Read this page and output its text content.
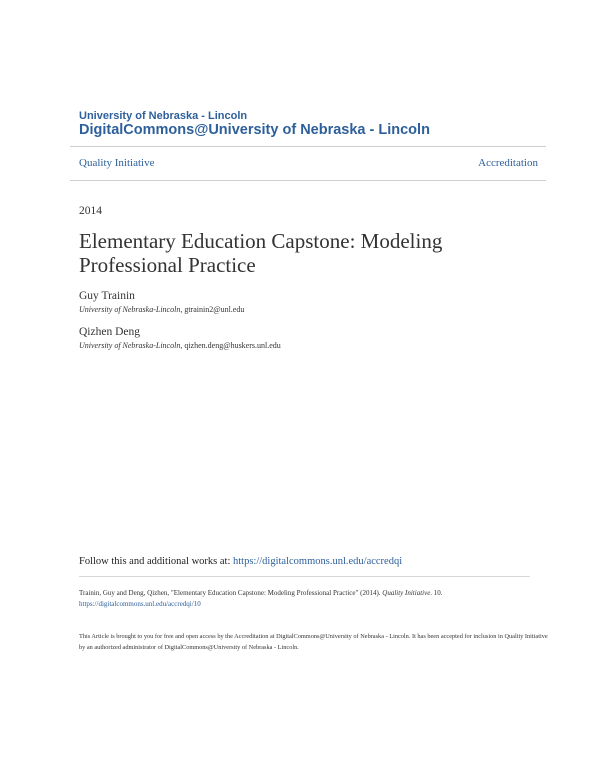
University of Nebraska - Lincoln
DigitalCommons@University of Nebraska - Lincoln
Quality Initiative	Accreditation
2014
Elementary Education Capstone: Modeling Professional Practice
Guy Trainin
University of Nebraska-Lincoln, gtrainin2@unl.edu
Qizhen Deng
University of Nebraska-Lincoln, qizhen.deng@huskers.unl.edu
Follow this and additional works at: https://digitalcommons.unl.edu/accredqi
Trainin, Guy and Deng, Qizhen, "Elementary Education Capstone: Modeling Professional Practice" (2014). Quality Initiative. 10.
https://digitalcommons.unl.edu/accredqi/10
This Article is brought to you for free and open access by the Accreditation at DigitalCommons@University of Nebraska - Lincoln. It has been accepted for inclusion in Quality Initiative by an authorized administrator of DigitalCommons@University of Nebraska - Lincoln.
